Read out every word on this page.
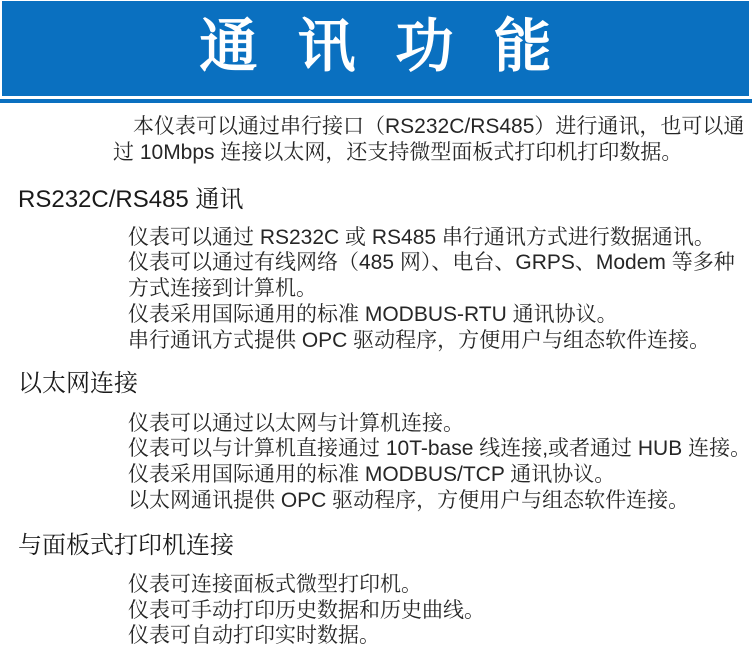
通 讯 功 能
本仪表可以通过串行接口（RS232C/RS485）进行通讯，也可以通
过 10Mbps 连接以太网，还支持微型面板式打印机打印数据。
RS232C/RS485 通讯
仪表可以通过 RS232C 或 RS485 串行通讯方式进行数据通讯。
仪表可以通过有线网络（485 网）、电台、GRPS、Modem 等多种
方式连接到计算机。
仪表采用国际通用的标准 MODBUS-RTU 通讯协议。
串行通讯方式提供 OPC 驱动程序，方便用户与组态软件连接。
以太网连接
仪表可以通过以太网与计算机连接。
仪表可以与计算机直接通过 10T-base 线连接,或者通过 HUB 连接。
仪表采用国际通用的标准 MODBUS/TCP 通讯协议。
以太网通讯提供 OPC 驱动程序，方便用户与组态软件连接。
与面板式打印机连接
仪表可连接面板式微型打印机。
仪表可手动打印历史数据和历史曲线。
仪表可自动打印实时数据。
